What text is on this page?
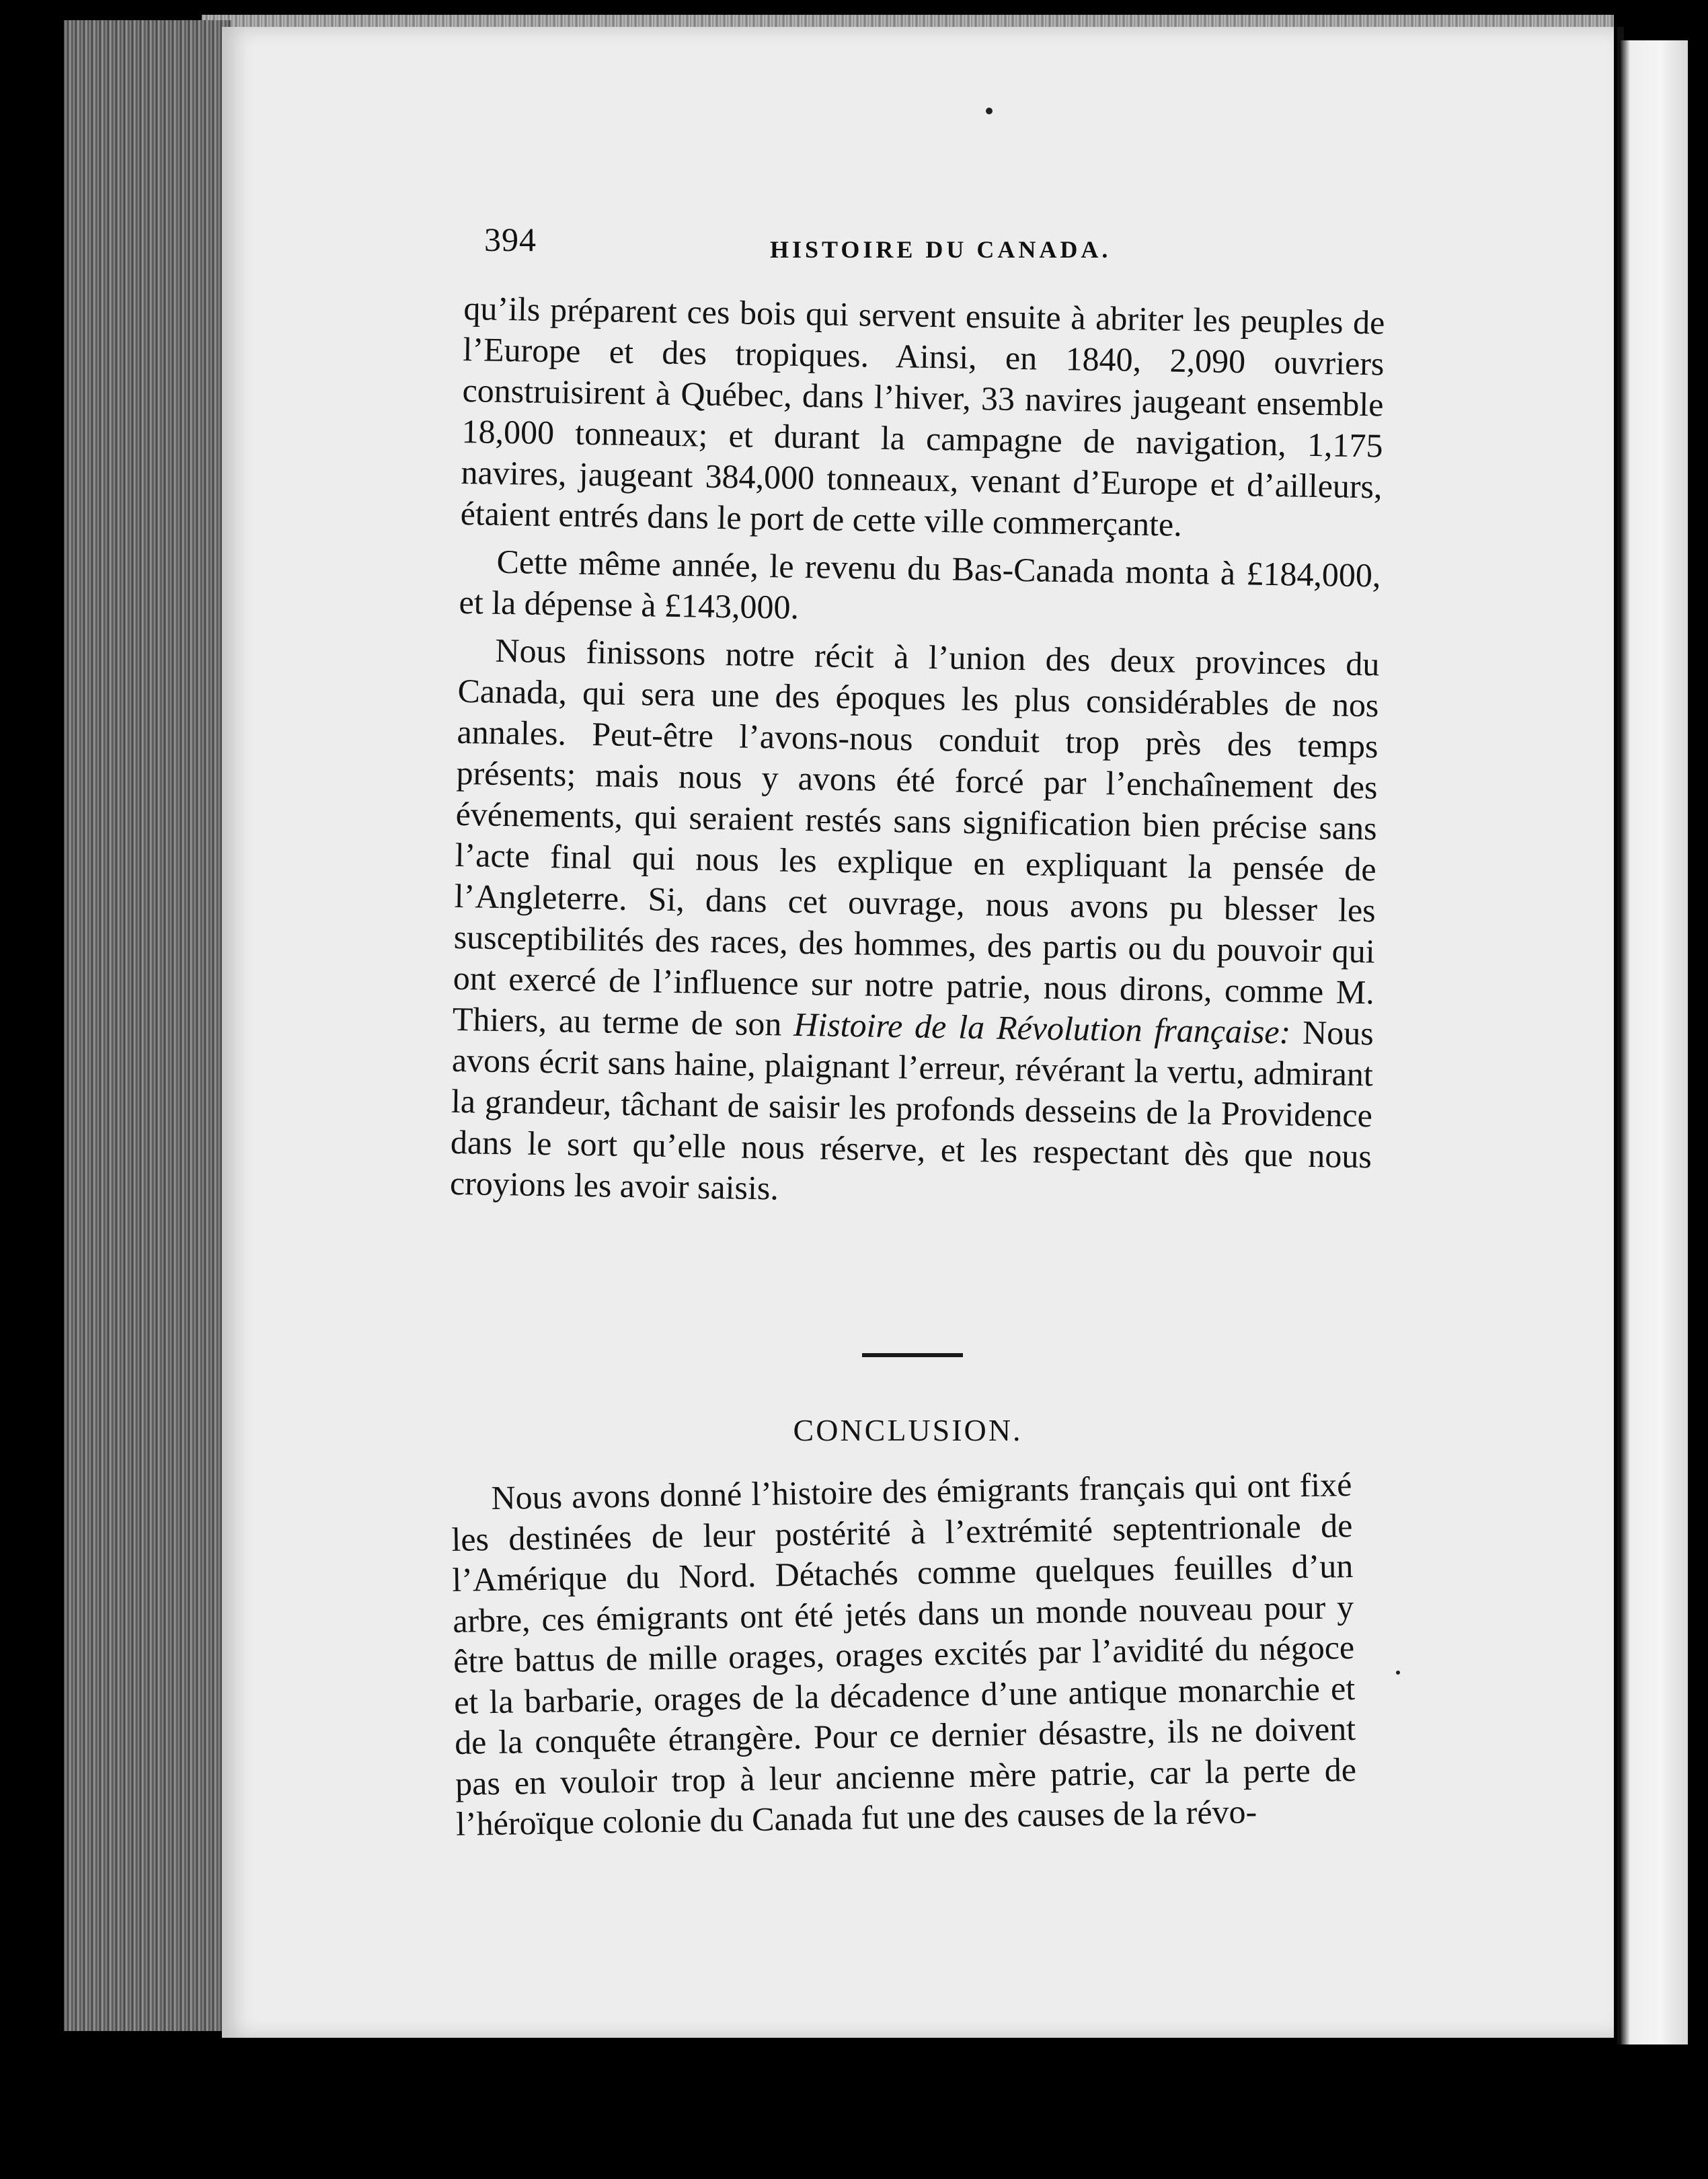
394	HISTOIRE DU CANADA.

qu’ils préparent ces bois qui servent ensuite à abriter les peuples de l’Europe et des tropiques. Ainsi, en 1840, 2,090 ouvriers construisirent à Québec, dans l’hiver, 33 navires jaugeant ensemble 18,000 tonneaux; et durant la campagne de navigation, 1,175 navires, jaugeant 384,000 tonneaux, venant d’Europe et d’ailleurs, étaient entrés dans le port de cette ville commerçante.

Cette même année, le revenu du Bas-Canada monta à £184,000, et la dépense à £143,000.

Nous finissons notre récit à l’union des deux provinces du Canada, qui sera une des époques les plus considérables de nos annales. Peut-être l’avons-nous conduit trop près des temps présents; mais nous y avons été forcé par l’enchaînement des événements, qui seraient restés sans signification bien précise sans l’acte final qui nous les explique en expliquant la pensée de l’Angleterre. Si, dans cet ouvrage, nous avons pu blesser les susceptibilités des races, des hommes, des partis ou du pouvoir qui ont exercé de l’influence sur notre patrie, nous dirons, comme M. Thiers, au terme de son Histoire de la Révolution française: Nous avons écrit sans haine, plaignant l’erreur, révérant la vertu, admirant la grandeur, tâchant de saisir les profonds desseins de la Providence dans le sort qu’elle nous réserve, et les respectant dès que nous croyions les avoir saisis.

CONCLUSION.

Nous avons donné l’histoire des émigrants français qui ont fixé les destinées de leur postérité à l’extrémité septentrionale de l’Amérique du Nord. Détachés comme quelques feuilles d’un arbre, ces émigrants ont été jetés dans un monde nouveau pour y être battus de mille orages, orages excités par l’avidité du négoce et la barbarie, orages de la décadence d’une antique monarchie et de la conquête étrangère. Pour ce dernier désastre, ils ne doivent pas en vouloir trop à leur ancienne mère patrie, car la perte de l’héroïque colonie du Canada fut une des causes de la révo-
